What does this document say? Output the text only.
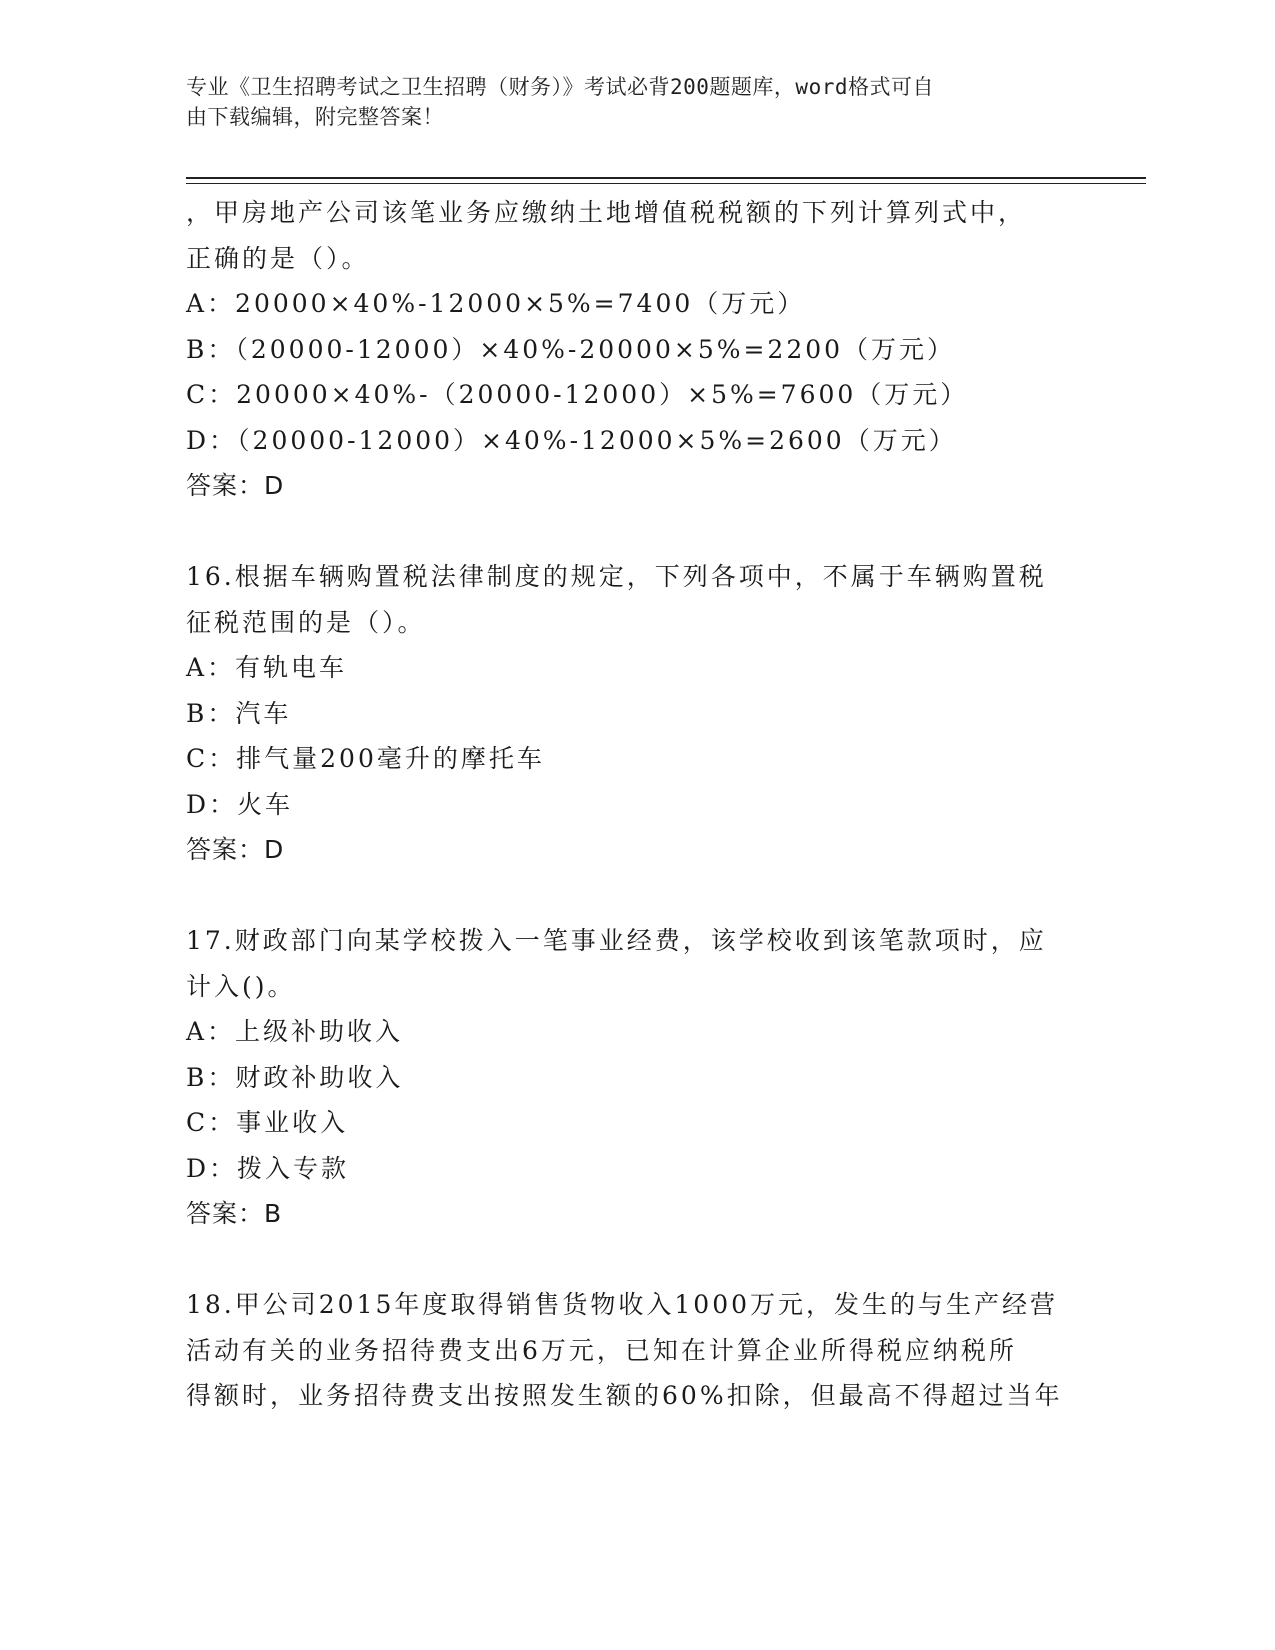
专业《卫生招聘考试之卫生招聘（财务）》考试必背200题题库，word格式可自
由下载编辑，附完整答案！
，甲房地产公司该笔业务应缴纳土地增值税税额的下列计算列式中，
正确的是（）。
A：20000×40%-12000×5%=7400（万元）
B：（20000-12000）×40%-20000×5%=2200（万元）
C：20000×40%-（20000-12000）×5%=7600（万元）
D：（20000-12000）×40%-12000×5%=2600（万元）
答案：D
16.根据车辆购置税法律制度的规定，下列各项中，不属于车辆购置税
征税范围的是（）。
A：有轨电车
B：汽车
C：排气量200毫升的摩托车
D：火车
答案：D
17.财政部门向某学校拨入一笔事业经费，该学校收到该笔款项时，应
计入()。
A：上级补助收入
B：财政补助收入
C：事业收入
D：拨入专款
答案：B
18.甲公司2015年度取得销售货物收入1000万元，发生的与生产经营
活动有关的业务招待费支出6万元，已知在计算企业所得税应纳税所
得额时，业务招待费支出按照发生额的60%扣除，但最高不得超过当年
